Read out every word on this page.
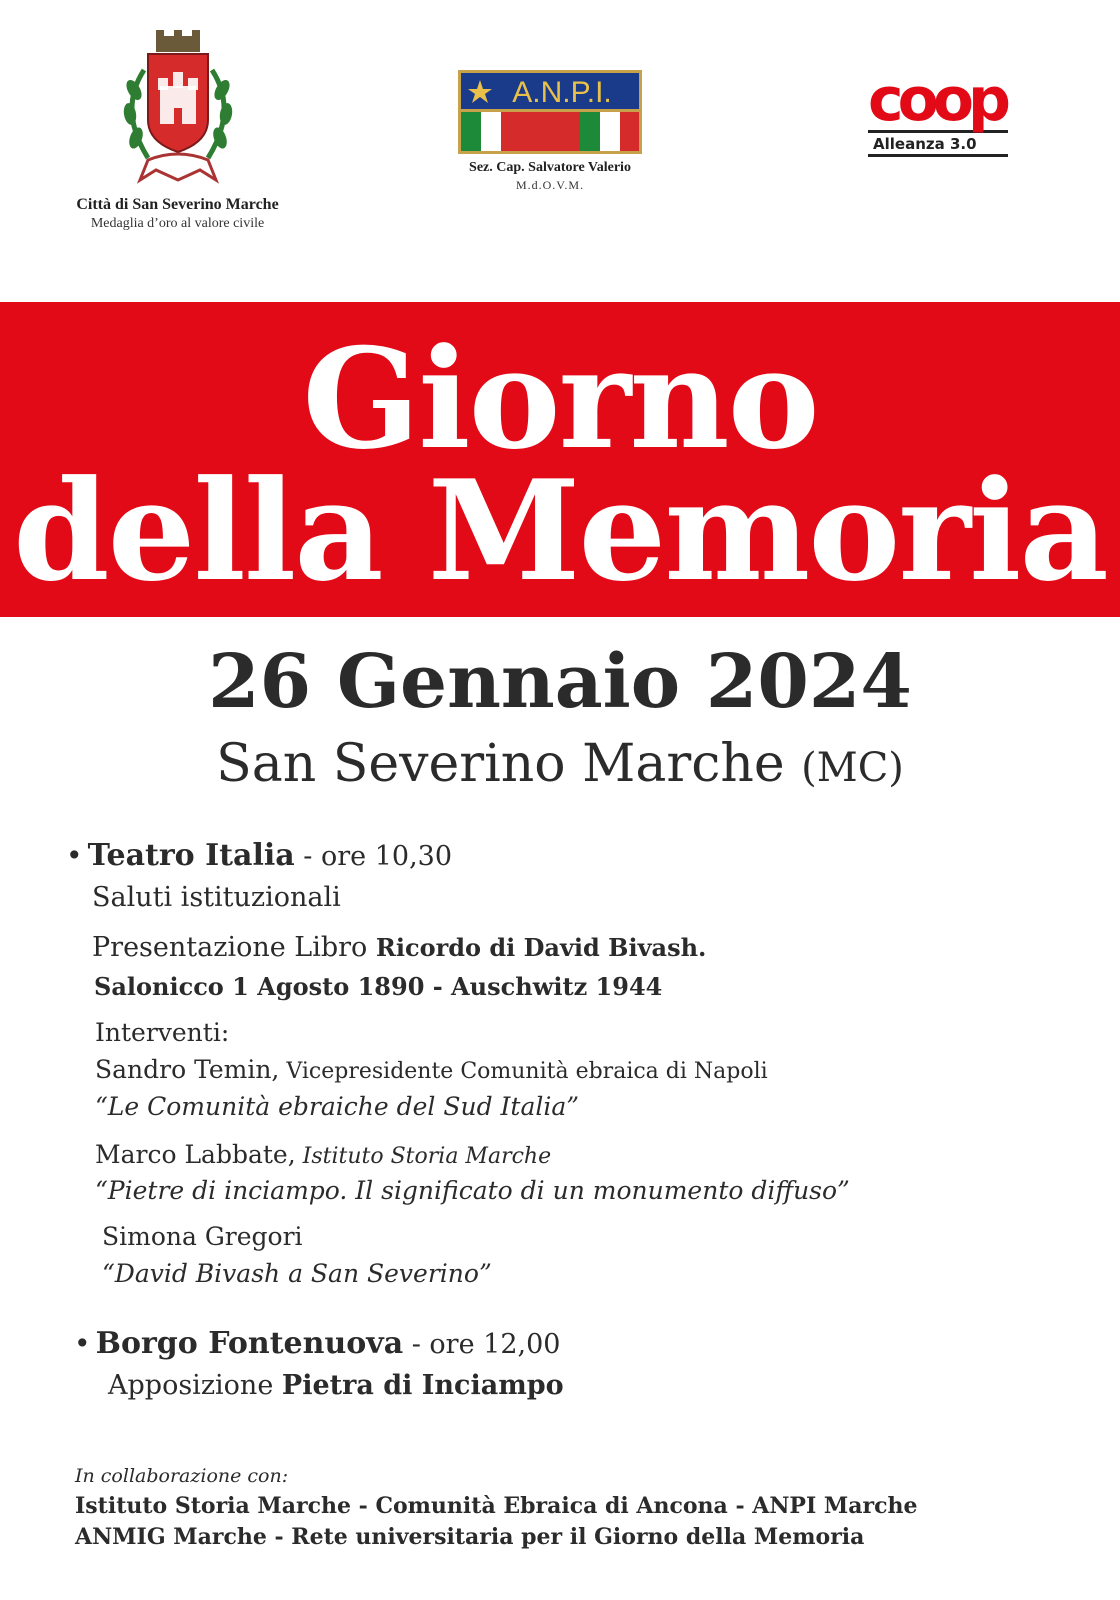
Città di San Severino Marche
Medaglia d’oro al valore civile
A.N.P.I.
Sez. Cap. Salvatore Valerio
M.d.O.V.M.
coop
Alleanza 3.0
Giorno
della Memoria
26 Gennaio 2024
San Severino Marche (MC)
• Teatro Italia - ore 10,30
Saluti istituzionali
Presentazione Libro Ricordo di David Bivash.
Salonicco 1 Agosto 1890 - Auschwitz 1944
Interventi:
Sandro Temin, Vicepresidente Comunità ebraica di Napoli
“Le Comunità ebraiche del Sud Italia”
Marco Labbate, Istituto Storia Marche
“Pietre di inciampo. Il significato di un monumento diffuso”
Simona Gregori
“David Bivash a San Severino”
• Borgo Fontenuova - ore 12,00
Apposizione Pietra di Inciampo
In collaborazione con:
Istituto Storia Marche - Comunità Ebraica di Ancona - ANPI Marche
ANMIG Marche - Rete universitaria per il Giorno della Memoria
